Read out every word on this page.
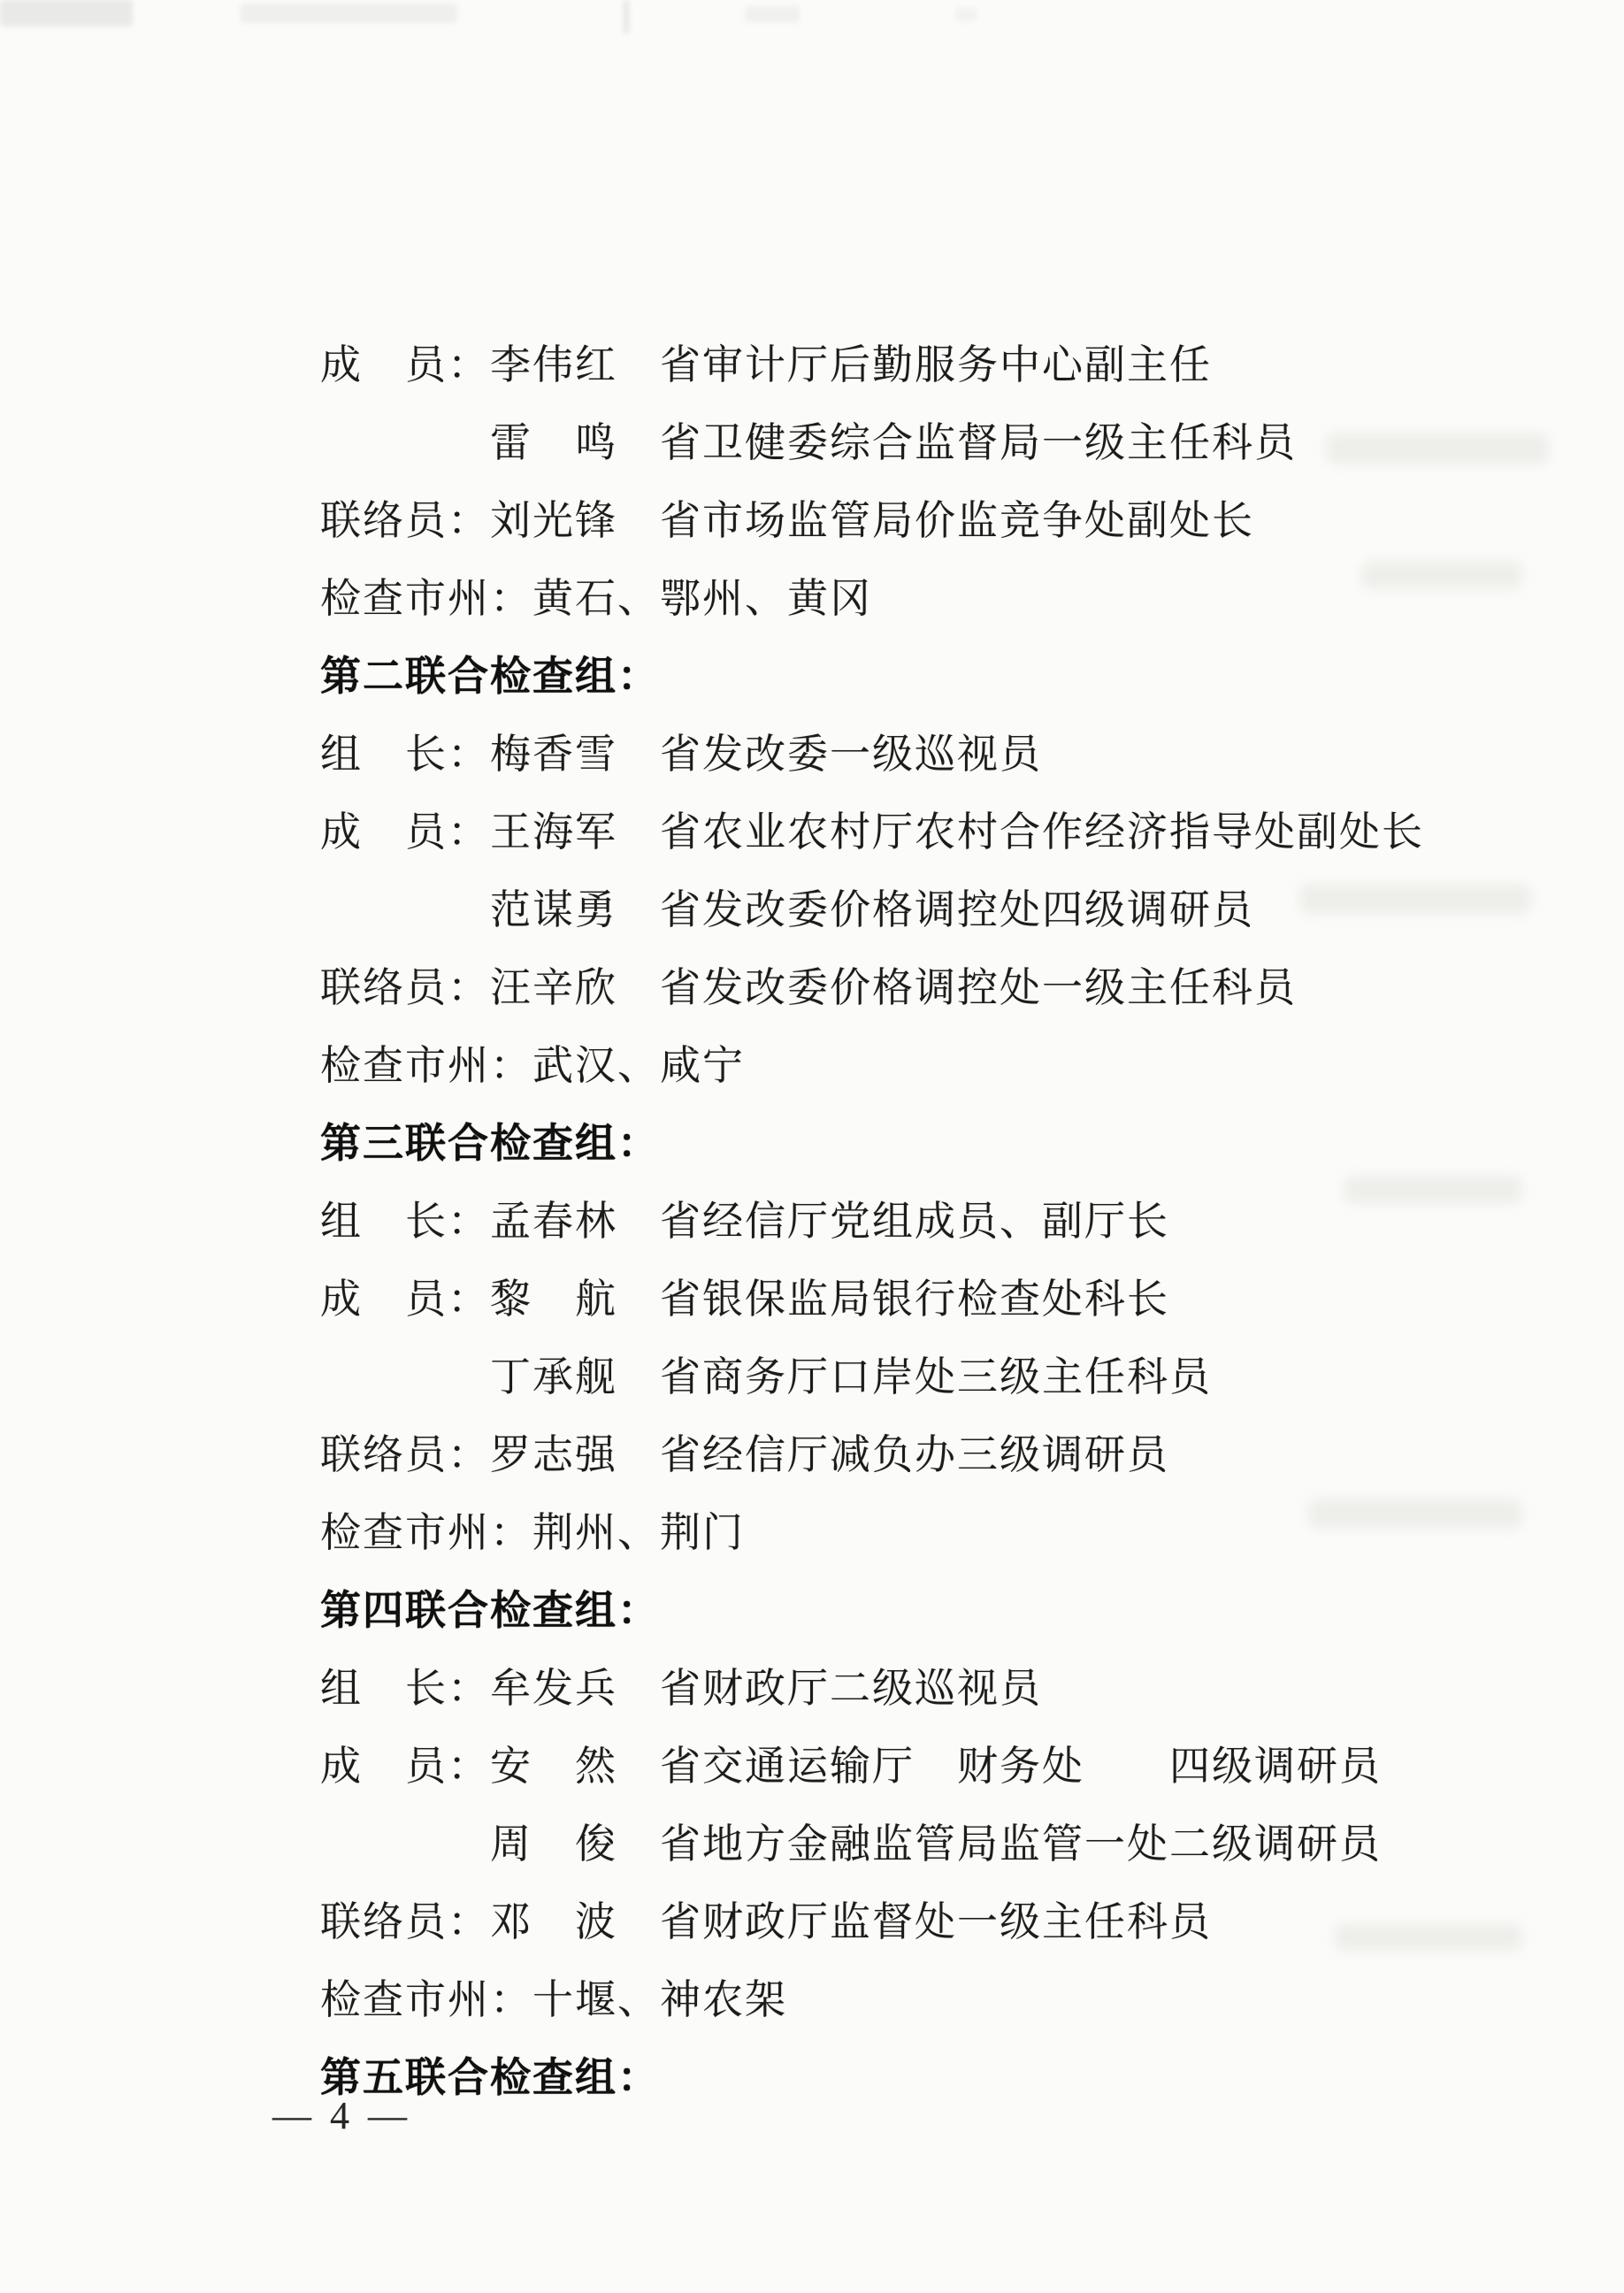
成　员：李伟红　省审计厅后勤服务中心副主任
　　　　雷　鸣　省卫健委综合监督局一级主任科员
联络员：刘光锋　省市场监管局价监竞争处副处长
检查市州：黄石、鄂州、黄冈
第二联合检查组：
组　长：梅香雪　省发改委一级巡视员
成　员：王海军　省农业农村厅农村合作经济指导处副处长
　　　　范谋勇　省发改委价格调控处四级调研员
联络员：汪辛欣　省发改委价格调控处一级主任科员
检查市州：武汉、咸宁
第三联合检查组：
组　长：孟春林　省经信厅党组成员、副厅长
成　员：黎　航　省银保监局银行检查处科长
　　　　丁承舰　省商务厅口岸处三级主任科员
联络员：罗志强　省经信厅减负办三级调研员
检查市州：荆州、荆门
第四联合检查组：
组　长：牟发兵　省财政厅二级巡视员
成　员：安　然　省交通运输厅　财务处　　四级调研员
　　　　周　俊　省地方金融监管局监管一处二级调研员
联络员：邓　波　省财政厅监督处一级主任科员
检查市州：十堰、神农架
第五联合检查组：
— 4 —
